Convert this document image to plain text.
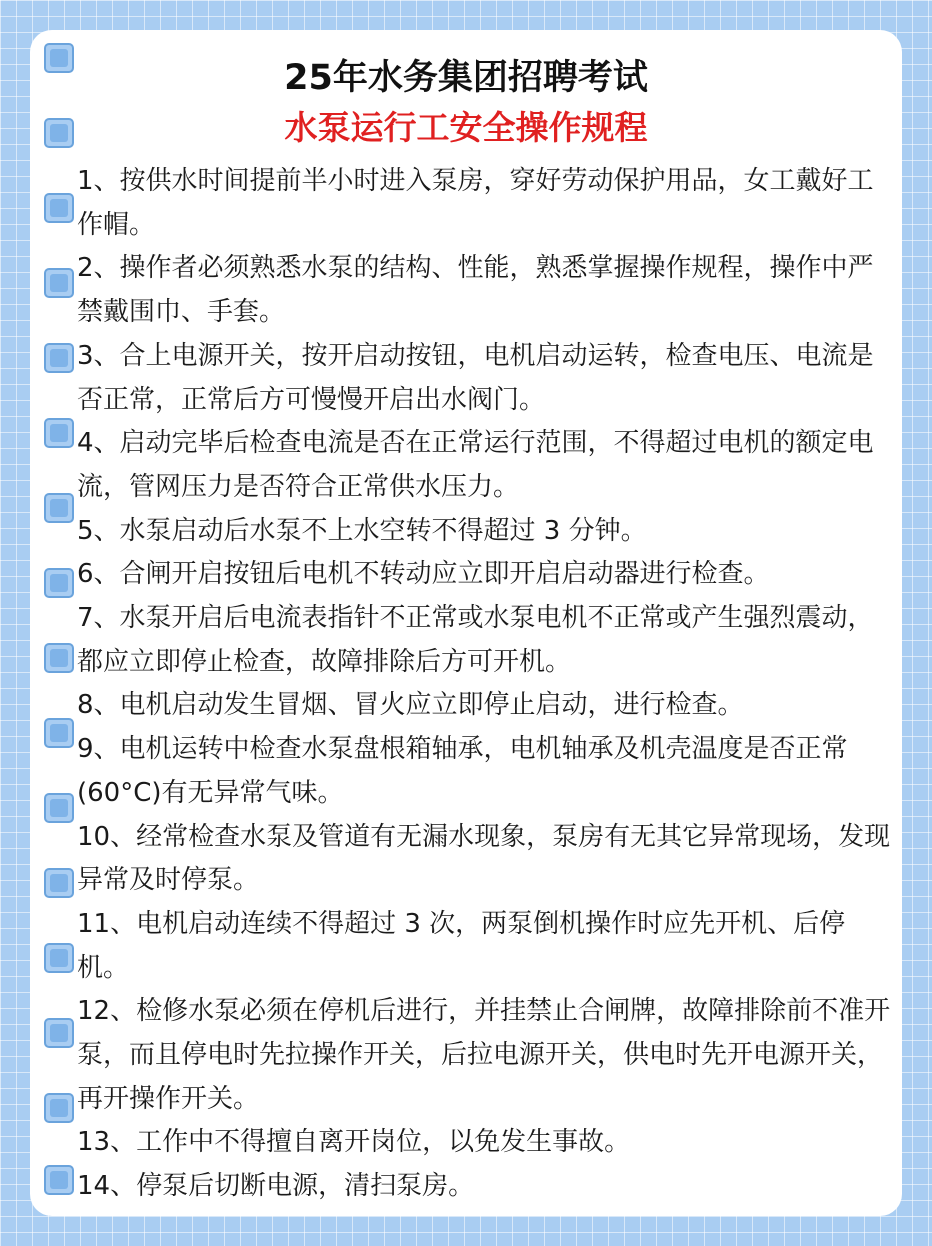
25年水务集团招聘考试
水泵运行工安全操作规程

1、按供水时间提前半小时进入泵房，穿好劳动保护用品，女工戴好工作帽。

2、操作者必须熟悉水泵的结构、性能，熟悉掌握操作规程，操作中严禁戴围巾、手套。

3、合上电源开关，按开启动按钮，电机启动运转，检查电压、电流是否正常，正常后方可慢慢开启出水阀门。

4、启动完毕后检查电流是否在正常运行范围，不得超过电机的额定电流，管网压力是否符合正常供水压力。

5、水泵启动后水泵不上水空转不得超过 3 分钟。

6、合闸开启按钮后电机不转动应立即开启启动器进行检查。

7、水泵开启后电流表指针不正常或水泵电机不正常或产生强烈震动，都应立即停止检查，故障排除后方可开机。

8、电机启动发生冒烟、冒火应立即停止启动，进行检查。

9、电机运转中检查水泵盘根箱轴承，电机轴承及机壳温度是否正常(60°C)有无异常气味。

10、经常检查水泵及管道有无漏水现象，泵房有无其它异常现场，发现异常及时停泵。

11、电机启动连续不得超过 3 次，两泵倒机操作时应先开机、后停机。

12、检修水泵必须在停机后进行，并挂禁止合闸牌，故障排除前不准开泵，而且停电时先拉操作开关，后拉电源开关，供电时先开电源开关，再开操作开关。

13、工作中不得擅自离开岗位，以免发生事故。

14、停泵后切断电源，清扫泵房。
